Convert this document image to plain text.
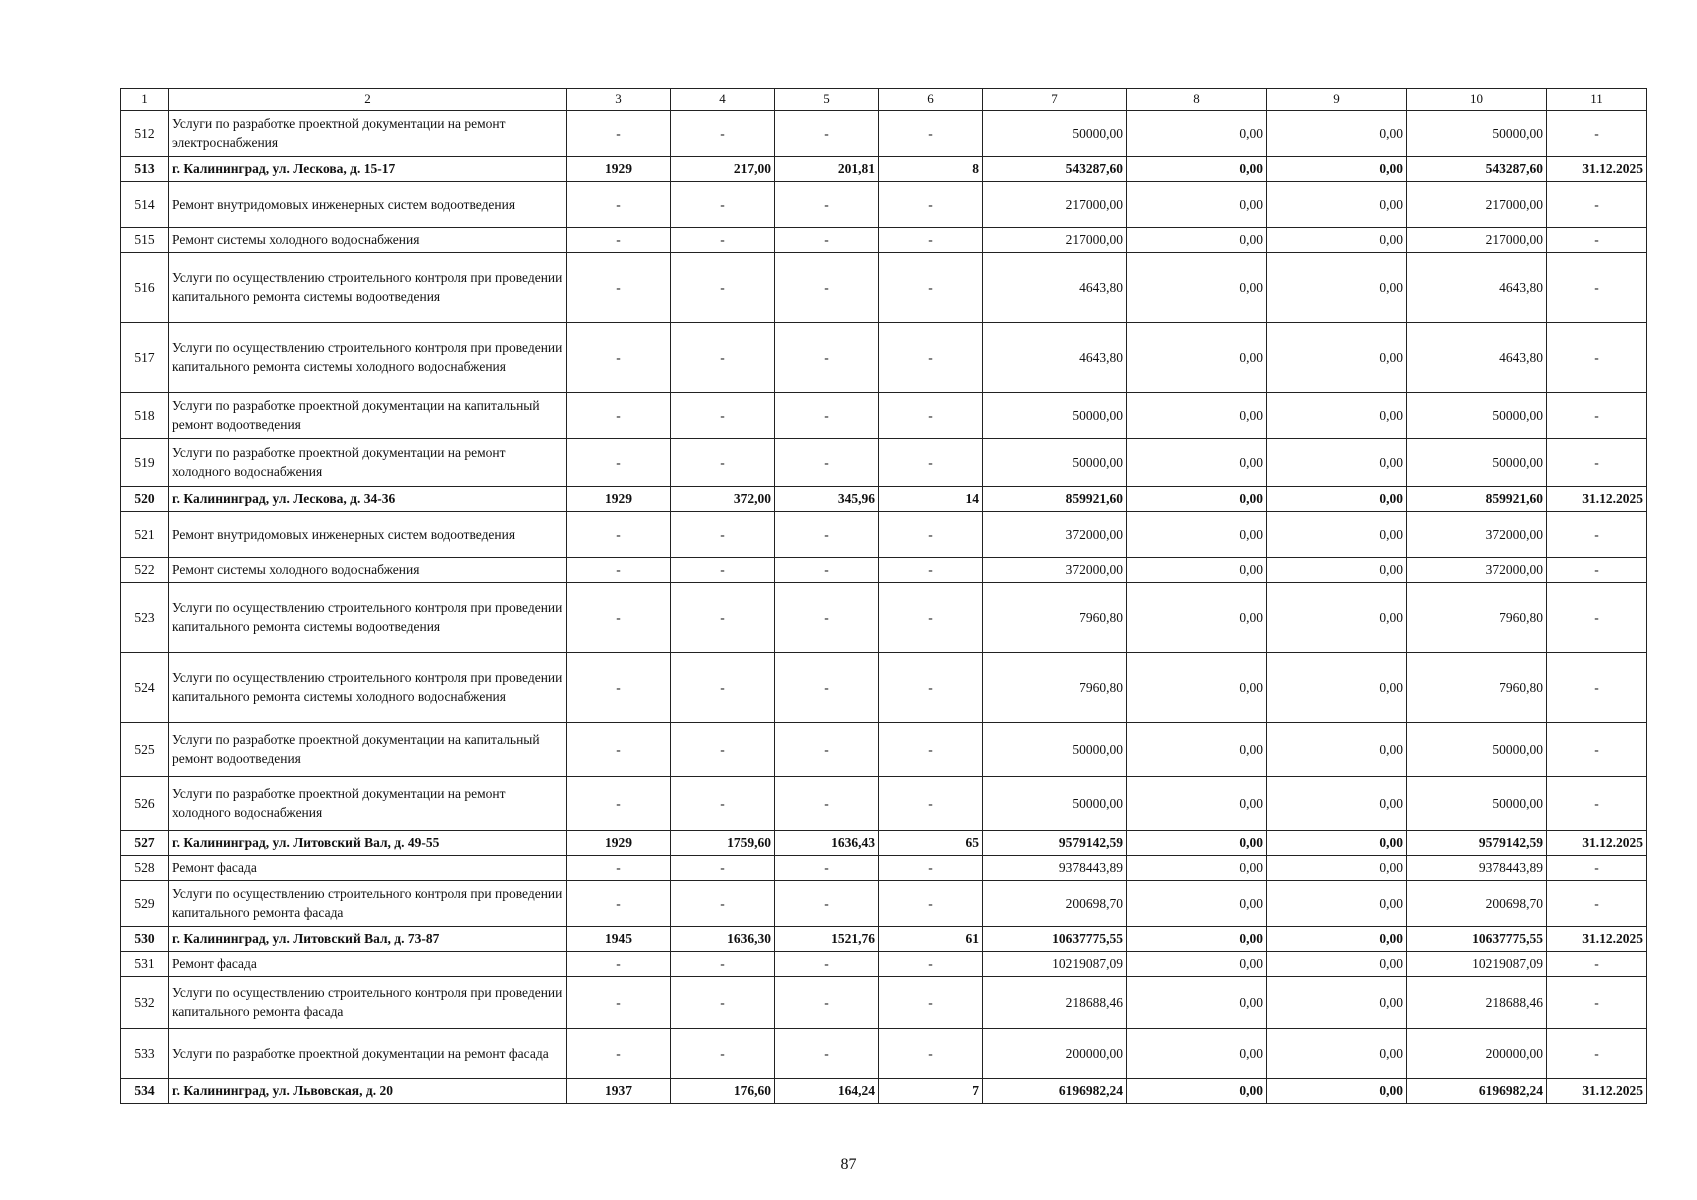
1	2	3	4	5	6	7	8	9	10	11
512	Услуги по разработке проектной документации на ремонт электроснабжения	-	-	-	-	50000,00	0,00	0,00	50000,00	-
513	г. Калининград, ул. Лескова, д. 15-17	1929	217,00	201,81	8	543287,60	0,00	0,00	543287,60	31.12.2025
514	Ремонт внутридомовых инженерных систем водоотведения	-	-	-	-	217000,00	0,00	0,00	217000,00	-
515	Ремонт системы холодного водоснабжения	-	-	-	-	217000,00	0,00	0,00	217000,00	-
516	Услуги по осуществлению строительного контроля при проведении капитального ремонта системы водоотведения	-	-	-	-	4643,80	0,00	0,00	4643,80	-
517	Услуги по осуществлению строительного контроля при проведении капитального ремонта системы холодного водоснабжения	-	-	-	-	4643,80	0,00	0,00	4643,80	-
518	Услуги по разработке проектной документации на капитальный ремонт водоотведения	-	-	-	-	50000,00	0,00	0,00	50000,00	-
519	Услуги по разработке проектной документации на ремонт холодного водоснабжения	-	-	-	-	50000,00	0,00	0,00	50000,00	-
520	г. Калининград, ул. Лескова, д. 34-36	1929	372,00	345,96	14	859921,60	0,00	0,00	859921,60	31.12.2025
521	Ремонт внутридомовых инженерных систем водоотведения	-	-	-	-	372000,00	0,00	0,00	372000,00	-
522	Ремонт системы холодного водоснабжения	-	-	-	-	372000,00	0,00	0,00	372000,00	-
523	Услуги по осуществлению строительного контроля при проведении капитального ремонта системы водоотведения	-	-	-	-	7960,80	0,00	0,00	7960,80	-
524	Услуги по осуществлению строительного контроля при проведении капитального ремонта системы холодного водоснабжения	-	-	-	-	7960,80	0,00	0,00	7960,80	-
525	Услуги по разработке проектной документации на капитальный ремонт водоотведения	-	-	-	-	50000,00	0,00	0,00	50000,00	-
526	Услуги по разработке проектной документации на ремонт холодного водоснабжения	-	-	-	-	50000,00	0,00	0,00	50000,00	-
527	г. Калининград, ул. Литовский Вал, д. 49-55	1929	1759,60	1636,43	65	9579142,59	0,00	0,00	9579142,59	31.12.2025
528	Ремонт фасада	-	-	-	-	9378443,89	0,00	0,00	9378443,89	-
529	Услуги по осуществлению строительного контроля при проведении капитального ремонта фасада	-	-	-	-	200698,70	0,00	0,00	200698,70	-
530	г. Калининград, ул. Литовский Вал, д. 73-87	1945	1636,30	1521,76	61	10637775,55	0,00	0,00	10637775,55	31.12.2025
531	Ремонт фасада	-	-	-	-	10219087,09	0,00	0,00	10219087,09	-
532	Услуги по осуществлению строительного контроля при проведении капитального ремонта фасада	-	-	-	-	218688,46	0,00	0,00	218688,46	-
533	Услуги по разработке проектной документации на ремонт фасада	-	-	-	-	200000,00	0,00	0,00	200000,00	-
534	г. Калининград, ул. Львовская, д. 20	1937	176,60	164,24	7	6196982,24	0,00	0,00	6196982,24	31.12.2025
87
